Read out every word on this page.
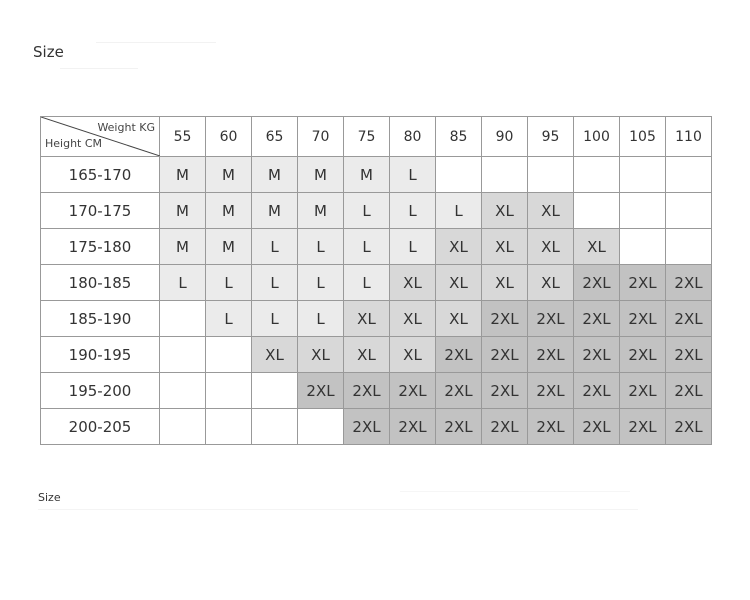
Size
Weight KG
Height CM	55	60	65	70	75	80	85	90	95	100	105	110
165-170	M	M	M	M	M	L						
170-175	M	M	M	M	L	L	L	XL	XL			
175-180	M	M	L	L	L	L	XL	XL	XL	XL		
180-185	L	L	L	L	L	XL	XL	XL	XL	2XL	2XL	2XL
185-190		L	L	L	XL	XL	XL	2XL	2XL	2XL	2XL	2XL
190-195			XL	XL	XL	XL	2XL	2XL	2XL	2XL	2XL	2XL
195-200				2XL	2XL	2XL	2XL	2XL	2XL	2XL	2XL	2XL
200-205					2XL	2XL	2XL	2XL	2XL	2XL	2XL	2XL
Size
